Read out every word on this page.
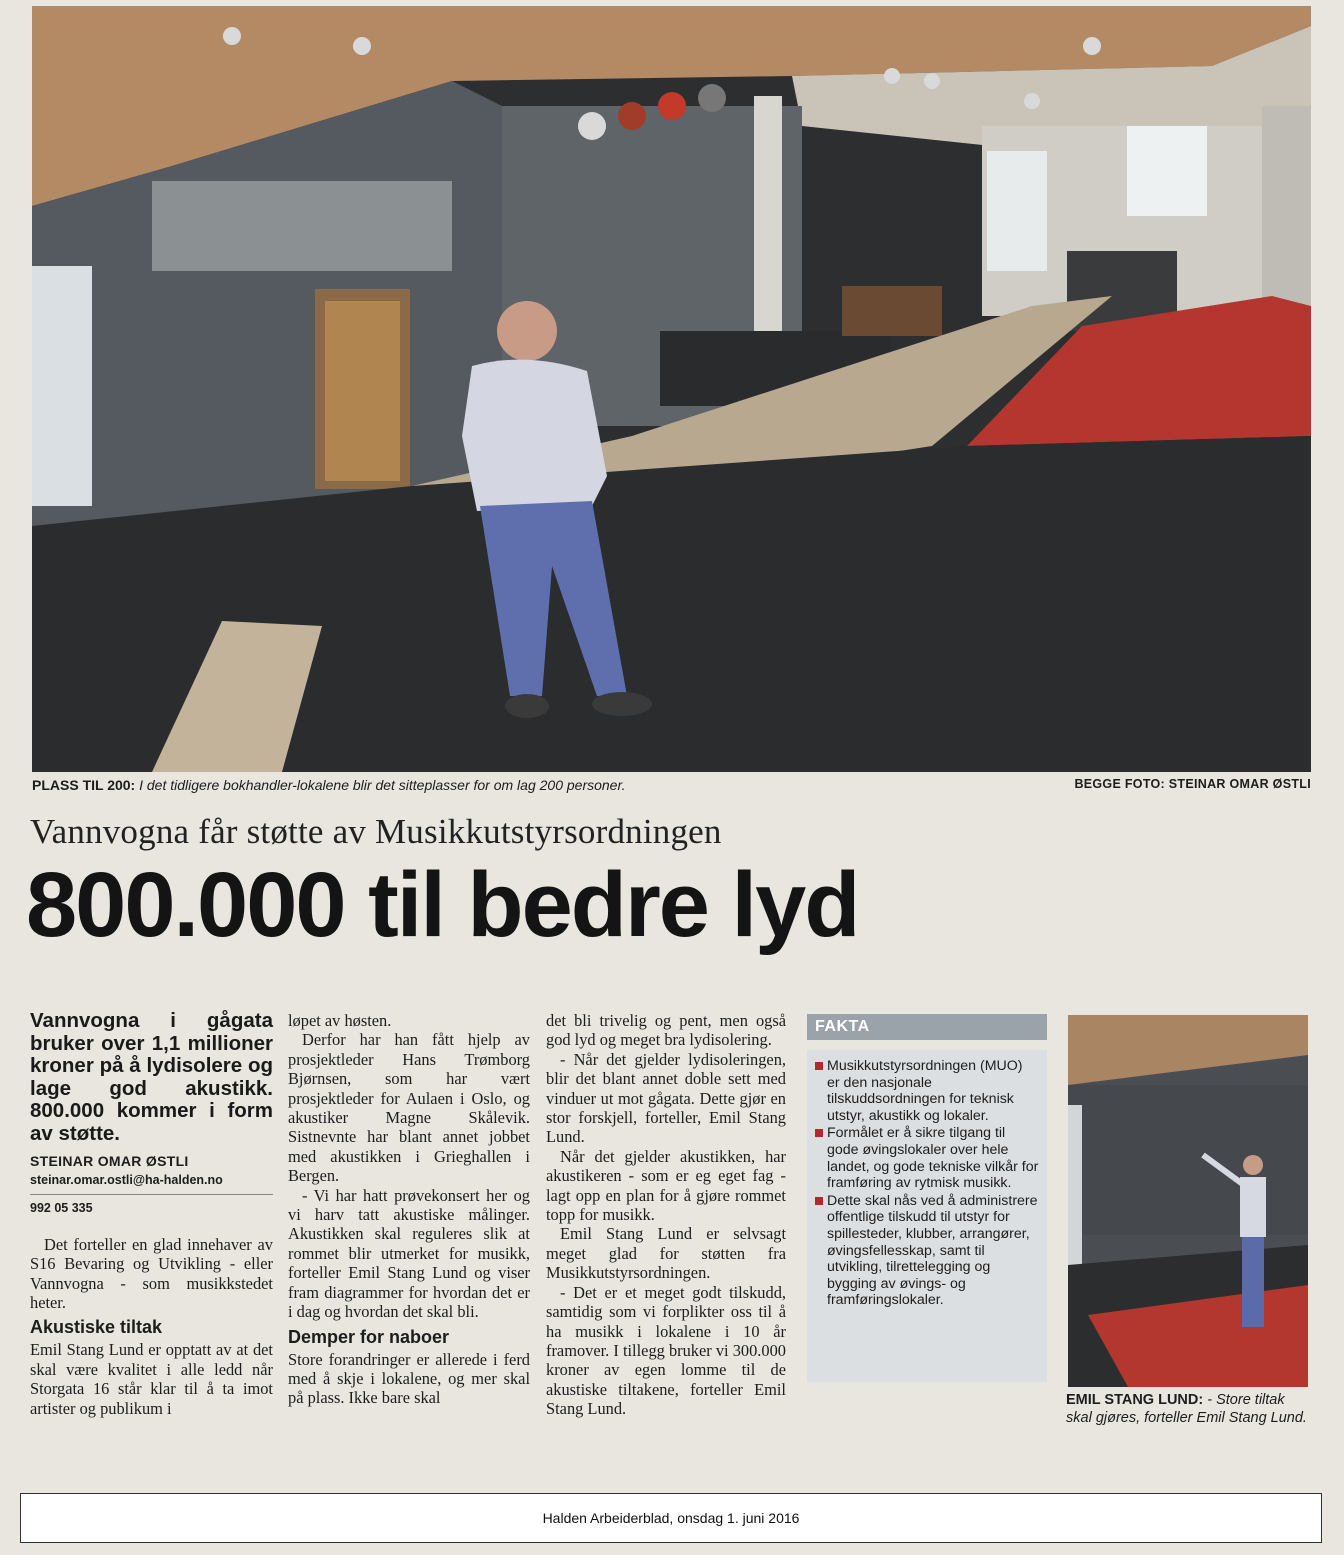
PLASS TIL 200: I det tidligere bokhandler-lokalene blir det sitteplasser for om lag 200 personer.	BEGGE FOTO: STEINAR OMAR ØSTLI
Vannvogna får støtte av Musikkutstyrsordningen
800.000 til bedre lyd
Vannvogna i gågata bruker over 1,1 millioner kroner på å lydisolere og lage god akustikk. 800.000 kommer i form av støtte.
STEINAR OMAR ØSTLI
steinar.omar.ostli@ha-halden.no
992 05 335

Det forteller en glad innehaver av S16 Bevaring og Utvikling - eller Vannvogna - som musikkstedet heter.

Akustiske tiltak

Emil Stang Lund er opptatt av at det skal være kvalitet i alle ledd når Storgata 16 står klar til å ta imot artister og publikum i

løpet av høsten.

Derfor har han fått hjelp av prosjektleder Hans Trømborg Bjørnsen, som har vært prosjektleder for Aulaen i Oslo, og akustiker Magne Skålevik. Sistnevnte har blant annet jobbet med akustikken i Grieghallen i Bergen.

- Vi har hatt prøvekonsert her og vi harv tatt akustiske målinger. Akustikken skal reguleres slik at rommet blir utmerket for musikk, forteller Emil Stang Lund og viser fram diagrammer for hvordan det er i dag og hvordan det skal bli.

Demper for naboer

Store forandringer er allerede i ferd med å skje i lokalene, og mer skal på plass. Ikke bare skal

det bli trivelig og pent, men også god lyd og meget bra lydisolering.

- Når det gjelder lydisoleringen, blir det blant annet doble sett med vinduer ut mot gågata. Dette gjør en stor forskjell, forteller, Emil Stang Lund.

Når det gjelder akustikken, har akustikeren - som er eg eget fag - lagt opp en plan for å gjøre rommet topp for musikk.

Emil Stang Lund er selvsagt meget glad for støtten fra Musikkutstyrsordningen.

- Det er et meget godt tilskudd, samtidig som vi forplikter oss til å ha musikk i lokalene i 10 år framover. I tillegg bruker vi 300.000 kroner av egen lomme til de akustiske tiltakene, forteller Emil Stang Lund.

FAKTA
Musikkutstyrsordningen (MUO) er den nasjonale tilskuddsordningen for teknisk utstyr, akustikk og lokaler.
Formålet er å sikre tilgang til gode øvingslokaler over hele landet, og gode tekniske vilkår for framføring av rytmisk musikk.
Dette skal nås ved å administrere offentlige tilskudd til utstyr for spillesteder, klubber, arrangører, øvingsfellesskap, samt til utvikling, tilrettelegging og bygging av øvings- og framføringslokaler.
EMIL STANG LUND: - Store tiltak skal gjøres, forteller Emil Stang Lund.
Halden Arbeiderblad, onsdag 1. juni 2016
